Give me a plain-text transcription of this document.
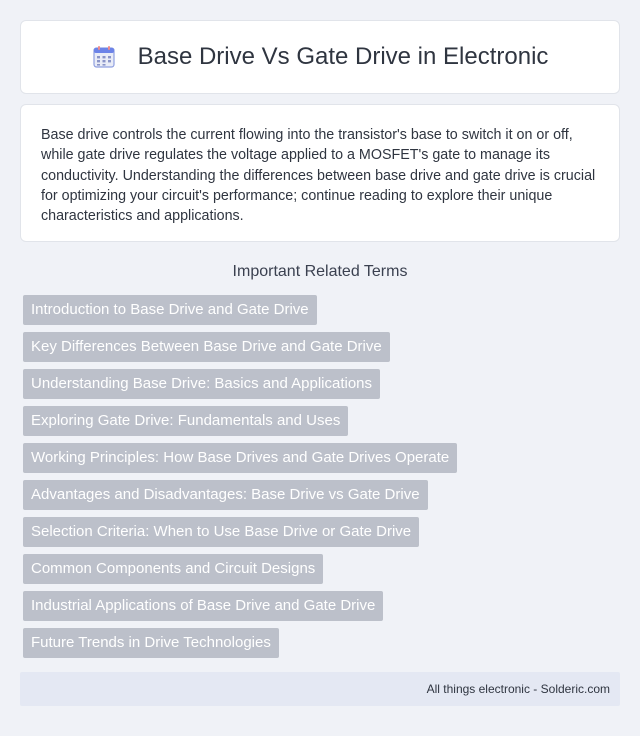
Base Drive Vs Gate Drive in Electronic

Base drive controls the current flowing into the transistor's base to switch it on or off, while gate drive regulates the voltage applied to a MOSFET's gate to manage its conductivity. Understanding the differences between base drive and gate drive is crucial for optimizing your circuit's performance; continue reading to explore their unique characteristics and applications.

Important Related Terms
Introduction to Base Drive and Gate Drive
Key Differences Between Base Drive and Gate Drive
Understanding Base Drive: Basics and Applications
Exploring Gate Drive: Fundamentals and Uses
Working Principles: How Base Drives and Gate Drives Operate
Advantages and Disadvantages: Base Drive vs Gate Drive
Selection Criteria: When to Use Base Drive or Gate Drive
Common Components and Circuit Designs
Industrial Applications of Base Drive and Gate Drive
Future Trends in Drive Technologies
All things electronic - Solderic.com
